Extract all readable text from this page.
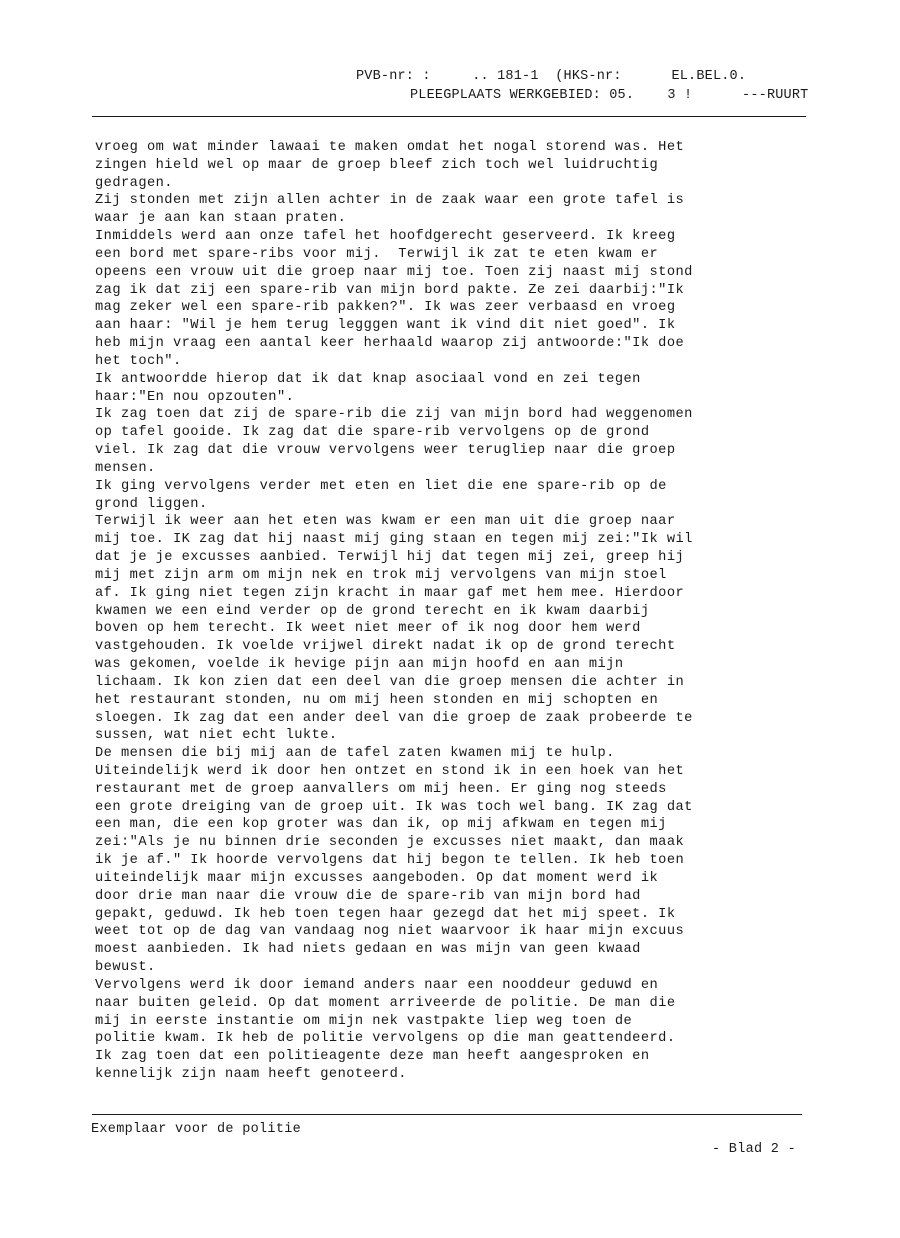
PVB-nr: :     .. 181-1  (HKS-nr:      EL.BEL.0.
PLEEGPLAATS WERKGEBIED: 05.    3 !      ---RUURT
vroeg om wat minder lawaai te maken omdat het nogal storend was. Het
zingen hield wel op maar de groep bleef zich toch wel luidruchtig
gedragen.
Zij stonden met zijn allen achter in de zaak waar een grote tafel is
waar je aan kan staan praten.
Inmiddels werd aan onze tafel het hoofdgerecht geserveerd. Ik kreeg
een bord met spare-ribs voor mij.  Terwijl ik zat te eten kwam er
opeens een vrouw uit die groep naar mij toe. Toen zij naast mij stond
zag ik dat zij een spare-rib van mijn bord pakte. Ze zei daarbij:"Ik
mag zeker wel een spare-rib pakken?". Ik was zeer verbaasd en vroeg
aan haar: "Wil je hem terug legggen want ik vind dit niet goed". Ik
heb mijn vraag een aantal keer herhaald waarop zij antwoorde:"Ik doe
het toch".
Ik antwoordde hierop dat ik dat knap asociaal vond en zei tegen
haar:"En nou opzouten".
Ik zag toen dat zij de spare-rib die zij van mijn bord had weggenomen
op tafel gooide. Ik zag dat die spare-rib vervolgens op de grond
viel. Ik zag dat die vrouw vervolgens weer terugliep naar die groep
mensen.
Ik ging vervolgens verder met eten en liet die ene spare-rib op de
grond liggen.
Terwijl ik weer aan het eten was kwam er een man uit die groep naar
mij toe. IK zag dat hij naast mij ging staan en tegen mij zei:"Ik wil
dat je je excusses aanbied. Terwijl hij dat tegen mij zei, greep hij
mij met zijn arm om mijn nek en trok mij vervolgens van mijn stoel
af. Ik ging niet tegen zijn kracht in maar gaf met hem mee. Hierdoor
kwamen we een eind verder op de grond terecht en ik kwam daarbij
boven op hem terecht. Ik weet niet meer of ik nog door hem werd
vastgehouden. Ik voelde vrijwel direkt nadat ik op de grond terecht
was gekomen, voelde ik hevige pijn aan mijn hoofd en aan mijn
lichaam. Ik kon zien dat een deel van die groep mensen die achter in
het restaurant stonden, nu om mij heen stonden en mij schopten en
sloegen. Ik zag dat een ander deel van die groep de zaak probeerde te
sussen, wat niet echt lukte.
De mensen die bij mij aan de tafel zaten kwamen mij te hulp.
Uiteindelijk werd ik door hen ontzet en stond ik in een hoek van het
restaurant met de groep aanvallers om mij heen. Er ging nog steeds
een grote dreiging van de groep uit. Ik was toch wel bang. IK zag dat
een man, die een kop groter was dan ik, op mij afkwam en tegen mij
zei:"Als je nu binnen drie seconden je excusses niet maakt, dan maak
ik je af." Ik hoorde vervolgens dat hij begon te tellen. Ik heb toen
uiteindelijk maar mijn excusses aangeboden. Op dat moment werd ik
door drie man naar die vrouw die de spare-rib van mijn bord had
gepakt, geduwd. Ik heb toen tegen haar gezegd dat het mij speet. Ik
weet tot op de dag van vandaag nog niet waarvoor ik haar mijn excuus
moest aanbieden. Ik had niets gedaan en was mijn van geen kwaad
bewust.
Vervolgens werd ik door iemand anders naar een nooddeur geduwd en
naar buiten geleid. Op dat moment arriveerde de politie. De man die
mij in eerste instantie om mijn nek vastpakte liep weg toen de
politie kwam. Ik heb de politie vervolgens op die man geattendeerd.
Ik zag toen dat een politieagente deze man heeft aangesproken en
kennelijk zijn naam heeft genoteerd.
Exemplaar voor de politie
- Blad 2 -
